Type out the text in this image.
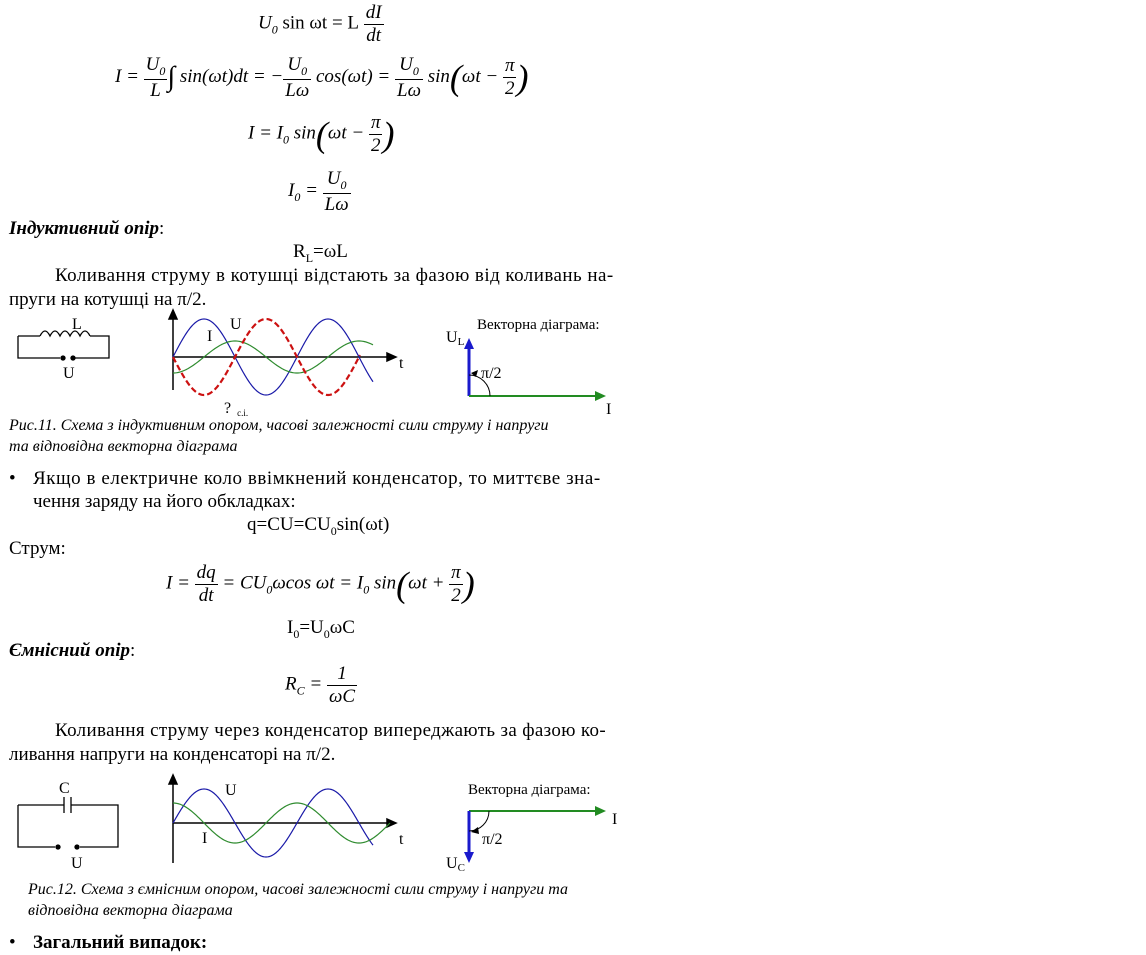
$U_0$ sin ωt = L $\frac{dI}{dt}$
$I = \frac{U_0}{L}$ ∫ sin(ωt)dt = − $\frac{U_0}{L\omega} \cos(\omega t) = \frac{U_0}{L\omega} \sin(\omega t - \frac{\pi}{2}$ )
$I = I_0$ $\sin(\omega t - \frac{\pi}{2}$ )
$I_0 = \frac{U_0}{L\omega}$
Індуктивний опір:
$R_L=\omega L$
Коливання струму в котушці відстають за фазою від коливань на-
пруги на котушці на π/2.
L
U
I
U
t
? c.i.
Векторна діаграма:
UL
π/2
I
Рис.11. Схема з індуктивним опором, часові залежності сили струму і напруги
та відповідна векторна діаграма
• Якщо в електричне коло ввімкнений конденсатор, то миттєве зна-
чення заряду на його обкладках:
$q=CU=CU_0\sin(\omega t)$
Струм:
$I = \frac{dq}{dt} = CU_0\omega\cos$ $\omega t = I_0$ $\sin(\omega t + \frac{\pi}{2}$ )
$I_0=U_0\omega C$
Ємнісний опір:
$R_C = \frac{1}{\omega C}$
Коливання струму через конденсатор випереджають за фазою ко-
ливання напруги на конденсаторі на π/2.
C
U
U
I	t
Векторна діаграма:
I
π/2
UC
Рис.12. Схема з ємнісним опором, часові залежності сили струму і напруги та
відповідна векторна діаграма
• Загальний випадок:
